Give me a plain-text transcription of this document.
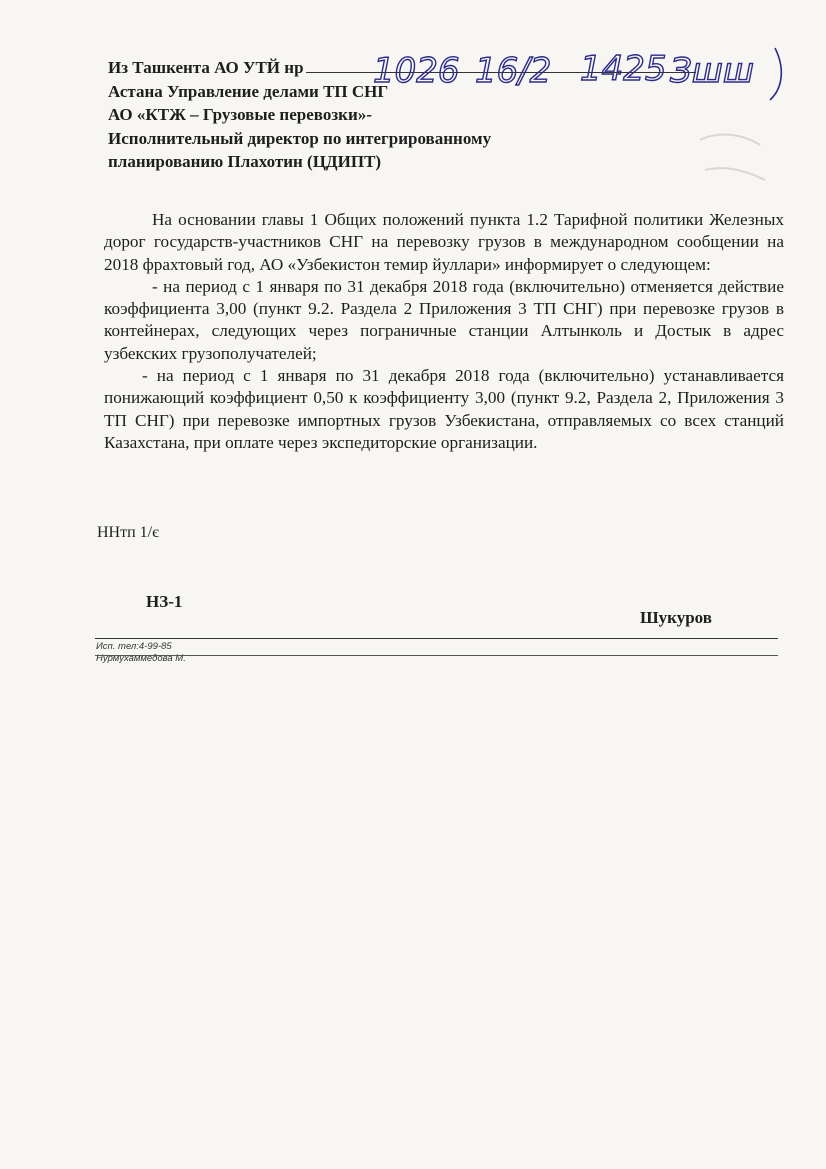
Из Ташкента АО УТЙ нр
Астана Управление делами ТП СНГ
АО «КТЖ – Грузовые перевозки»-
Исполнительный директор по интегрированному
планированию Плахотин (ЦДИПТ)
1026 16/2 1425 Зшш

На основании главы 1 Общих положений пункта 1.2 Тарифной политики Железных дорог государств-участников СНГ на перевозку грузов в международном сообщении на 2018 фрахтовый год, АО «Узбекистон темир йуллари» информирует о следующем:

- на период с 1 января по 31 декабря 2018 года (включительно) отменяется действие коэффициента 3,00 (пункт 9.2. Раздела 2 Приложения 3 ТП СНГ) при перевозке грузов в контейнерах, следующих через пограничные станции Алтынколь и Достык в адрес узбекских грузополучателей;

- на период с 1 января по 31 декабря 2018 года (включительно) устанавливается понижающий коэффициент 0,50 к коэффициенту 3,00 (пункт 9.2, Раздела 2, Приложения 3 ТП СНГ) при перевозке импортных грузов Узбекистана, отправляемых со всех станций Казахстана, при оплате через экспедиторские организации.

ННтп 1/є
НЗ-1
Шукуров
Исп. тел:4-99-85
Нурмухаммедова М.
